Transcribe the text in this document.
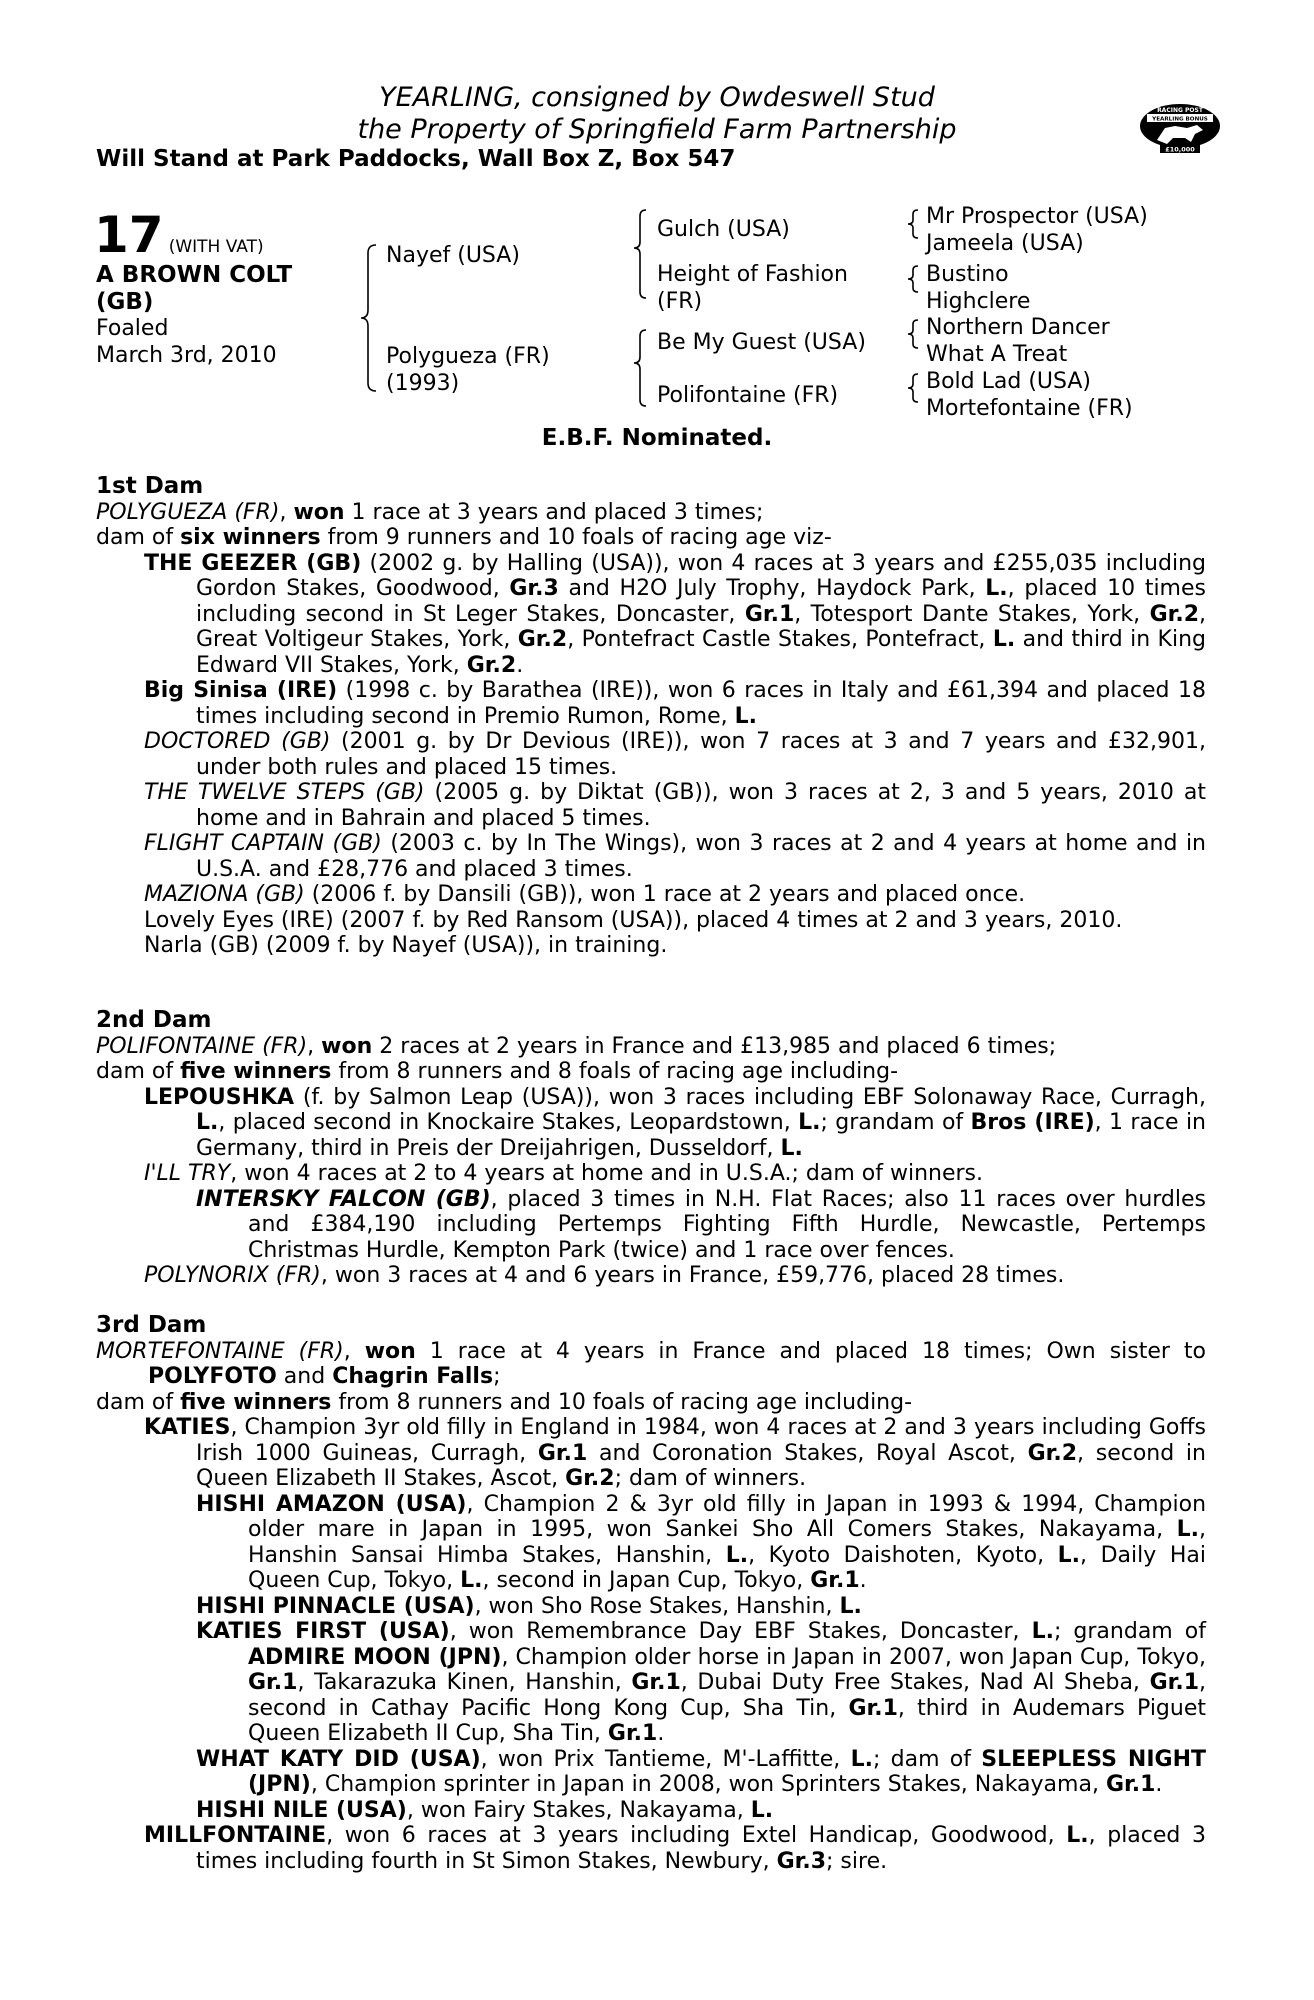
YEARLING, consigned by Owdeswell Stud
the Property of Springfield Farm Partnership
Will Stand at Park Paddocks, Wall Box Z, Box 547
RACING POST
YEARLING BONUS
£10,000
17 (WITH VAT)
A BROWN COLT
(GB)
Foaled
March 3rd, 2010
Nayef (USA)
Polygueza (FR)
(1993)
Gulch (USA)
Height of Fashion
(FR)
Be My Guest (USA)
Polifontaine (FR)
Mr Prospector (USA)
Jameela (USA)
Bustino
Highclere
Northern Dancer
What A Treat
Bold Lad (USA)
Mortefontaine (FR)
E.B.F. Nominated.

1st Dam

POLYGUEZA (FR), won 1 race at 3 years and placed 3 times;

dam of six winners from 9 runners and 10 foals of racing age viz-

THE GEEZER (GB) (2002 g. by Halling (USA)), won 4 races at 3 years and £255,035 including Gordon Stakes, Goodwood, Gr.3 and H2O July Trophy, Haydock Park, L., placed 10 times including second in St Leger Stakes, Doncaster, Gr.1, Totesport Dante Stakes, York, Gr.2, Great Voltigeur Stakes, York, Gr.2, Pontefract Castle Stakes, Pontefract, L. and third in King Edward VII Stakes, York, Gr.2.

Big Sinisa (IRE) (1998 c. by Barathea (IRE)), won 6 races in Italy and £61,394 and placed 18 times including second in Premio Rumon, Rome, L.

DOCTORED (GB) (2001 g. by Dr Devious (IRE)), won 7 races at 3 and 7 years and £32,901, under both rules and placed 15 times.

THE TWELVE STEPS (GB) (2005 g. by Diktat (GB)), won 3 races at 2, 3 and 5 years, 2010 at home and in Bahrain and placed 5 times.

FLIGHT CAPTAIN (GB) (2003 c. by In The Wings), won 3 races at 2 and 4 years at home and in U.S.A. and £28,776 and placed 3 times.

MAZIONA (GB) (2006 f. by Dansili (GB)), won 1 race at 2 years and placed once.

Lovely Eyes (IRE) (2007 f. by Red Ransom (USA)), placed 4 times at 2 and 3 years, 2010.

Narla (GB) (2009 f. by Nayef (USA)), in training.

2nd Dam

POLIFONTAINE (FR), won 2 races at 2 years in France and £13,985 and placed 6 times;

dam of five winners from 8 runners and 8 foals of racing age including-

LEPOUSHKA (f. by Salmon Leap (USA)), won 3 races including EBF Solonaway Race, Curragh, L., placed second in Knockaire Stakes, Leopardstown, L.; grandam of Bros (IRE), 1 race in Germany, third in Preis der Dreijahrigen, Dusseldorf, L.

I'LL TRY, won 4 races at 2 to 4 years at home and in U.S.A.; dam of winners.

INTERSKY FALCON (GB), placed 3 times in N.H. Flat Races; also 11 races over hurdles and £384,190 including Pertemps Fighting Fifth Hurdle, Newcastle, Pertemps Christmas Hurdle, Kempton Park (twice) and 1 race over fences.

POLYNORIX (FR), won 3 races at 4 and 6 years in France, £59,776, placed 28 times.

3rd Dam

MORTEFONTAINE (FR), won 1 race at 4 years in France and placed 18 times; Own sister to POLYFOTO and Chagrin Falls;

dam of five winners from 8 runners and 10 foals of racing age including-

KATIES, Champion 3yr old filly in England in 1984, won 4 races at 2 and 3 years including Goffs Irish 1000 Guineas, Curragh, Gr.1 and Coronation Stakes, Royal Ascot, Gr.2, second in Queen Elizabeth II Stakes, Ascot, Gr.2; dam of winners.

HISHI AMAZON (USA), Champion 2 & 3yr old filly in Japan in 1993 & 1994, Champion older mare in Japan in 1995, won Sankei Sho All Comers Stakes, Nakayama, L., Hanshin Sansai Himba Stakes, Hanshin, L., Kyoto Daishoten, Kyoto, L., Daily Hai Queen Cup, Tokyo, L., second in Japan Cup, Tokyo, Gr.1.

HISHI PINNACLE (USA), won Sho Rose Stakes, Hanshin, L.

KATIES FIRST (USA), won Remembrance Day EBF Stakes, Doncaster, L.; grandam of ADMIRE MOON (JPN), Champion older horse in Japan in 2007, won Japan Cup, Tokyo, Gr.1, Takarazuka Kinen, Hanshin, Gr.1, Dubai Duty Free Stakes, Nad Al Sheba, Gr.1, second in Cathay Pacific Hong Kong Cup, Sha Tin, Gr.1, third in Audemars Piguet Queen Elizabeth II Cup, Sha Tin, Gr.1.

WHAT KATY DID (USA), won Prix Tantieme, M'-Laffitte, L.; dam of SLEEPLESS NIGHT (JPN), Champion sprinter in Japan in 2008, won Sprinters Stakes, Nakayama, Gr.1.

HISHI NILE (USA), won Fairy Stakes, Nakayama, L.

MILLFONTAINE, won 6 races at 3 years including Extel Handicap, Goodwood, L., placed 3 times including fourth in St Simon Stakes, Newbury, Gr.3; sire.
